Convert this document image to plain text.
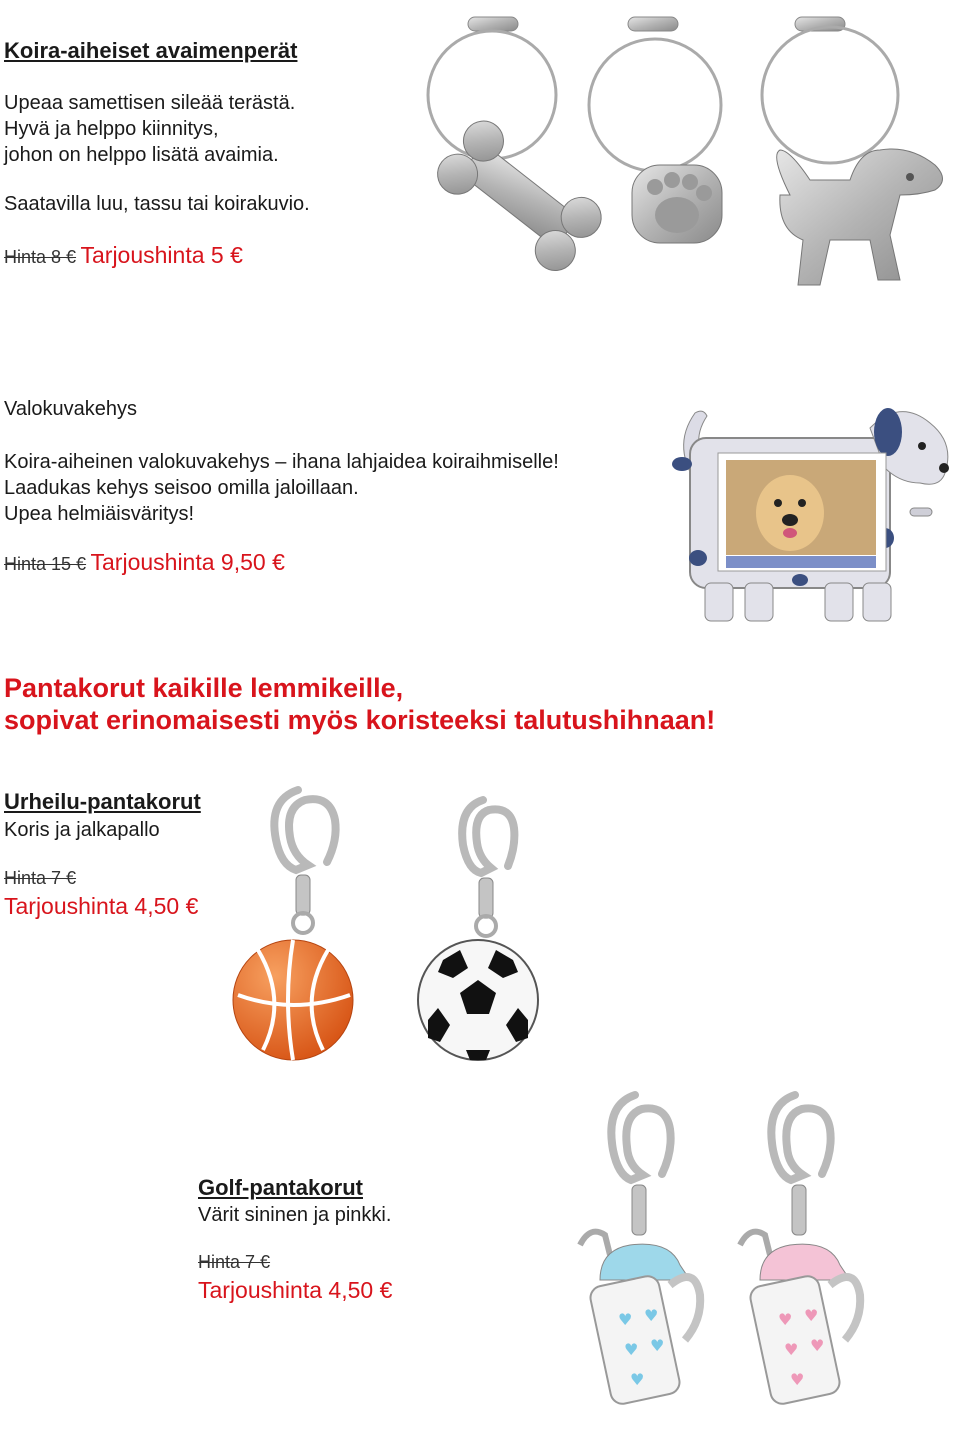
Koira-aiheiset avaimenperät
Upeaa samettisen sileää terästä.
Hyvä ja helppo kiinnitys,
johon on helppo lisätä avaimia.
Saatavilla luu, tassu tai koirakuvio.
Hinta 8 € Tarjoushinta 5 €
Valokuvakehys
Koira-aiheinen valokuvakehys – ihana lahjaidea koiraihmiselle!
Laadukas kehys seisoo omilla jaloillaan.
Upea helmiäisväritys!
Hinta 15 € Tarjoushinta 9,50 €
Pantakorut kaikille lemmikeille,
sopivat erinomaisesti myös koristeeksi talutushihnaan!
Urheilu-pantakorut
Koris ja jalkapallo
Hinta 7 €
Tarjoushinta 4,50 €
Golf-pantakorut
Värit sininen ja pinkki.
Hinta 7 €
Tarjoushinta 4,50 €
♥ ♥
♥ ♥
♥
♥ ♥
♥ ♥
♥
